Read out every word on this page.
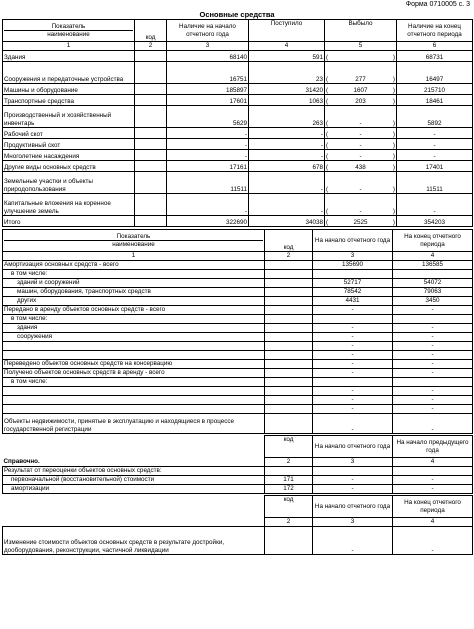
Форма 0710005 с. 3
Основные средства
Показатель
наименование	код	Наличие на начало отчетного года	Поступило	Выбыло	Наличие на конец отчетного периода
1	2	3	4	5	6
Здания		68140	591	( )	68731
Сооружения и передаточные устройства		16751	23	( 277 )	16497
Машины и оборудование		185897	31420	( 1607 )	215710
Транспортные средства		17601	1063	( 203 )	18461
Производственный и хозяйственный инвентарь		5629	263	( - )	5892
Рабочий скот		-	-	( - )	-
Продуктивный скот		-	-	( - )	-
Многолетние насаждения		-	-	( - )	-
Другие виды основных средств		17161	678	( 438 )	17401
Земельные участки и объекты природопользования		11511	-	( - )	11511
Капитальные вложения на коренное улучшение земель		-	-	( - )	-
Итого		322690	34038	( 2525 )	354203
Показатель
наименование	код	На начало отчетного года	На конец отчетного периода
1	2	3	4
Амортизация основных средств - всего		135690	136585
в том числе:			
зданий и сооружений		52717	54072
машин, оборудования, транспортных средств		78542	79063
других		4431	3450
Передано в аренду объектов основных средств - всего		-	-
в том числе:			
здания		-	-
сооружения		-	-
		-	-
		-	-
Переведено объектов основных средств на консервацию		-	-
Получено объектов основных средств в аренду - всего		-	-
в том числе:			
		-	-
		-	-
		-	-
Объекты недвижимости, принятые в эксплуатацию и находящиеся в процессе государственной регистрации		-	-
	код	На начало отчетного года	На начало предыдущего года
Справочно.	2	3	4
Результат от переоценки объектов основных средств:			
первоначальной (восстановительной) стоимости	171	-	-
амортизации	172	-	-
	код	На начало отчетного года	На конец отчетного периода
	2	3	4
Изменение стоимости объектов основных средств в результате достройки, дооборудования, реконструкции, частичной ликвидации		-	-
